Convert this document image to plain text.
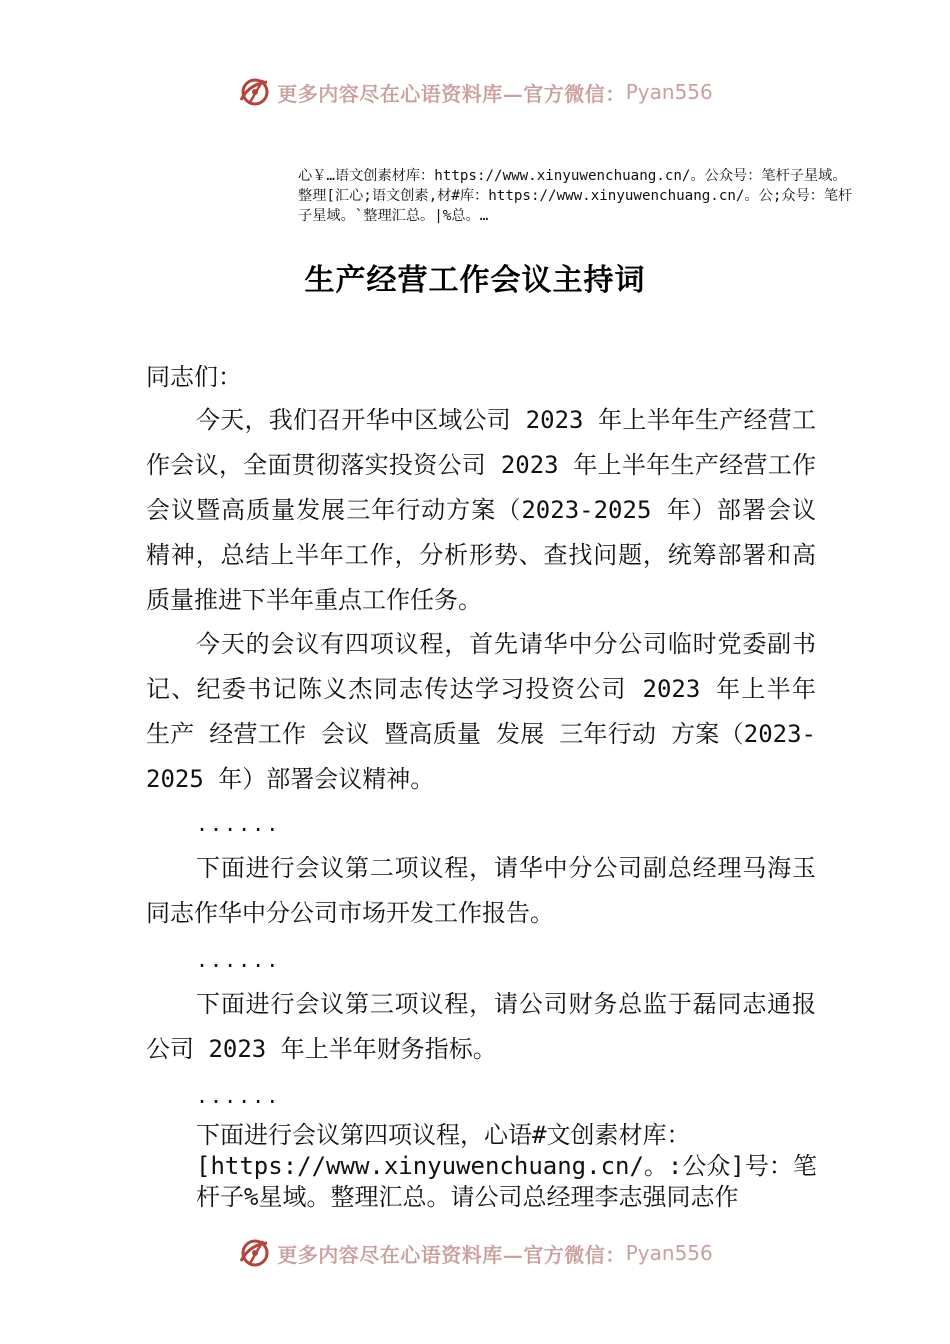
更多内容尽在心语资料库—官方微信： Pyan556
心￥…语文创素材库：https://www.xinyuwenchuang.cn/。公众号：笔杆子星域。整理[汇心;语文创素,材#库：https://www.xinyuwenchuang.cn/。公;众号：笔杆子星域。`整理汇总。|%总。…
生产经营工作会议主持词
同志们：

今天，我们召开华中区域公司 2023 年上半年生产经营工作会议，全面贯彻落实投资公司 2023 年上半年生产经营工作会议暨高质量发展三年行动方案（2023-2025 年）部署会议精神，总结上半年工作，分析形势、查找问题，统筹部署和高质量推进下半年重点工作任务。

今天的会议有四项议程，首先请华中分公司临时党委副书记、纪委书记陈义杰同志传达学习投资公司 2023 年上半年 生产 经营工作 会议 暨高质量 发展 三年行动 方案（2023-2025 年）部署会议精神。

......

下面进行会议第二项议程，请华中分公司副总经理马海玉同志作华中分公司市场开发工作报告。

......

下面进行会议第三项议程，请公司财务总监于磊同志通报公司 2023 年上半年财务指标。

......

下面进行会议第四项议程，心语#文创素材库：[https://www.xinyuwenchuang.cn/。:公众]号：笔杆子%星域。整理汇总。请公司总经理李志强同志作

更多内容尽在心语资料库—官方微信： Pyan556
